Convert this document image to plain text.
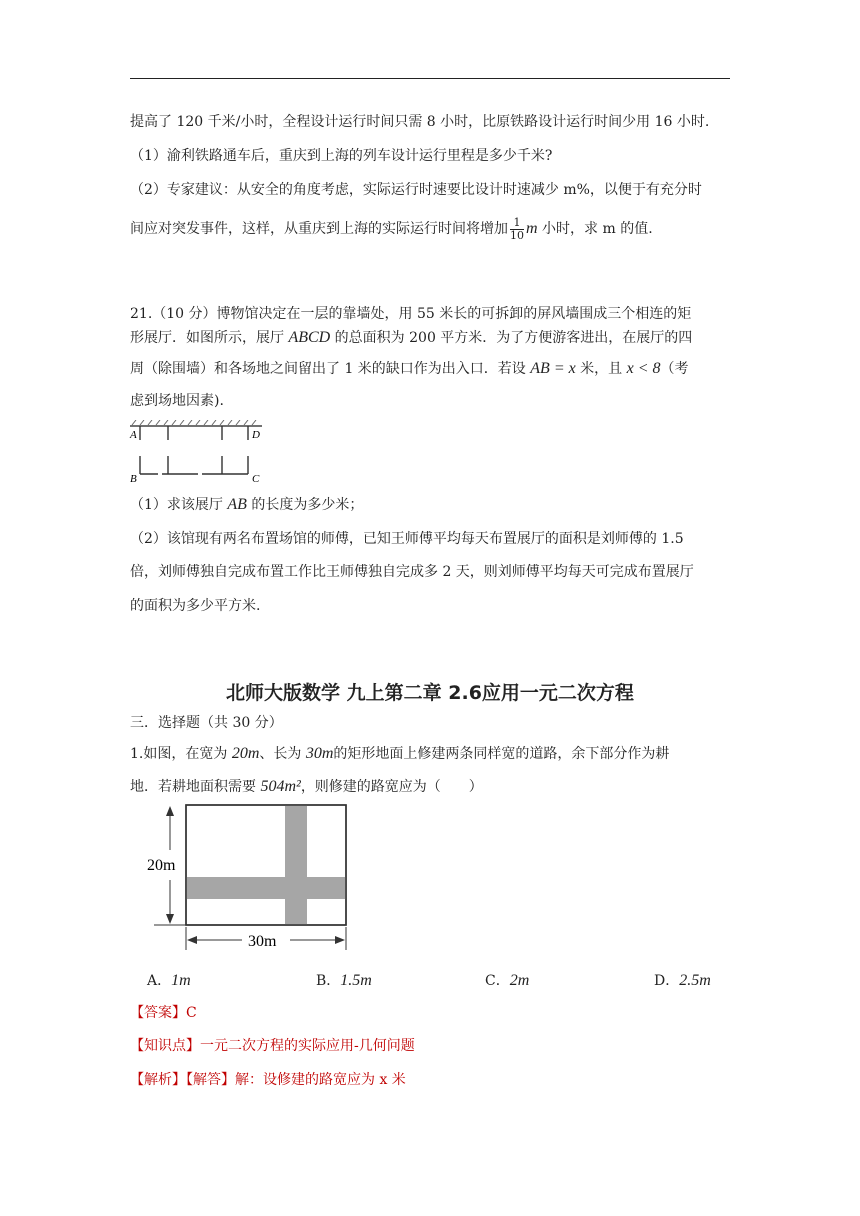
提高了 120 千米/小时，全程设计运行时间只需 8 小时，比原铁路设计运行时间少用 16 小时.
（1）渝利铁路通车后，重庆到上海的列车设计运行里程是多少千米?
（2）专家建议：从安全的角度考虑，实际运行时速要比设计时速减少 m%，以便于有充分时
间应对突发事件，这样，从重庆到上海的实际运行时间将增加 $\frac{1}{10}$ m 小时，求 m 的值.
21.（10 分）博物馆决定在一层的靠墙处，用 55 米长的可拆卸的屏风墙围成三个相连的矩
形展厅．如图所示，展厅 ABCD 的总面积为 200 平方米．为了方便游客进出，在展厅的四
周（除围墙）和各场地之间留出了 1 米的缺口作为出入口．若设 AB = x 米，且 x < 8（考
虑到场地因素).
A	D
B	C
（1）求该展厅 AB 的长度为多少米；
（2）该馆现有两名布置场馆的师傅，已知王师傅平均每天布置展厅的面积是刘师傅的 1.5
倍，刘师傅独自完成布置工作比王师傅独自完成多 2 天，则刘师傅平均每天可完成布置展厅
的面积为多少平方米.
北师大版数学 九上第二章 2.6应用一元二次方程
三．选择题（共 30 分）
1.如图，在宽为 20m、长为 30m的矩形地面上修建两条同样宽的道路，余下部分作为耕
地．若耕地面积需要 504m²，则修建的路宽应为（　　）
20m
30m
A．1m	B．1.5m	C．2m	D．2.5m
【答案】C
【知识点】一元二次方程的实际应用-几何问题
【解析】【解答】解：设修建的路宽应为 x 米
